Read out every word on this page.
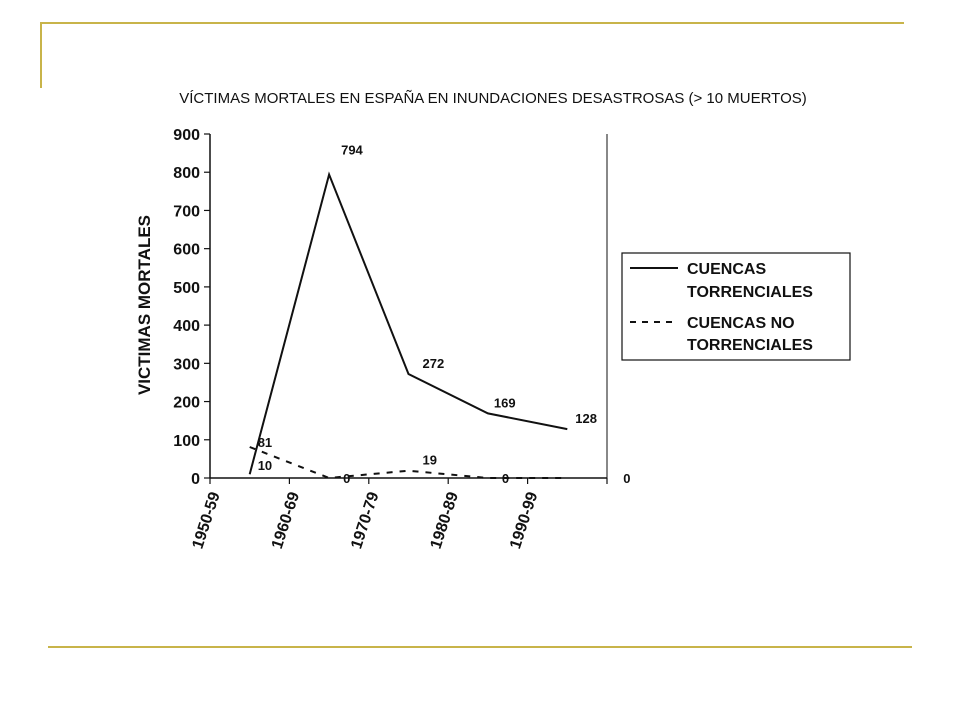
VÍCTIMAS MORTALES EN ESPAÑA EN INUNDACIONES DESASTROSAS (> 10 MUERTOS)
VICTIMAS MORTALES
0
100
200
300
400
500
600
700
800
900
1950-59	1960-69	1970-79	1980-89	1990-99
10
794
272
169
128
81
0
19
0	0
CUENCAS
TORRENCIALES
CUENCAS NO
TORRENCIALES
